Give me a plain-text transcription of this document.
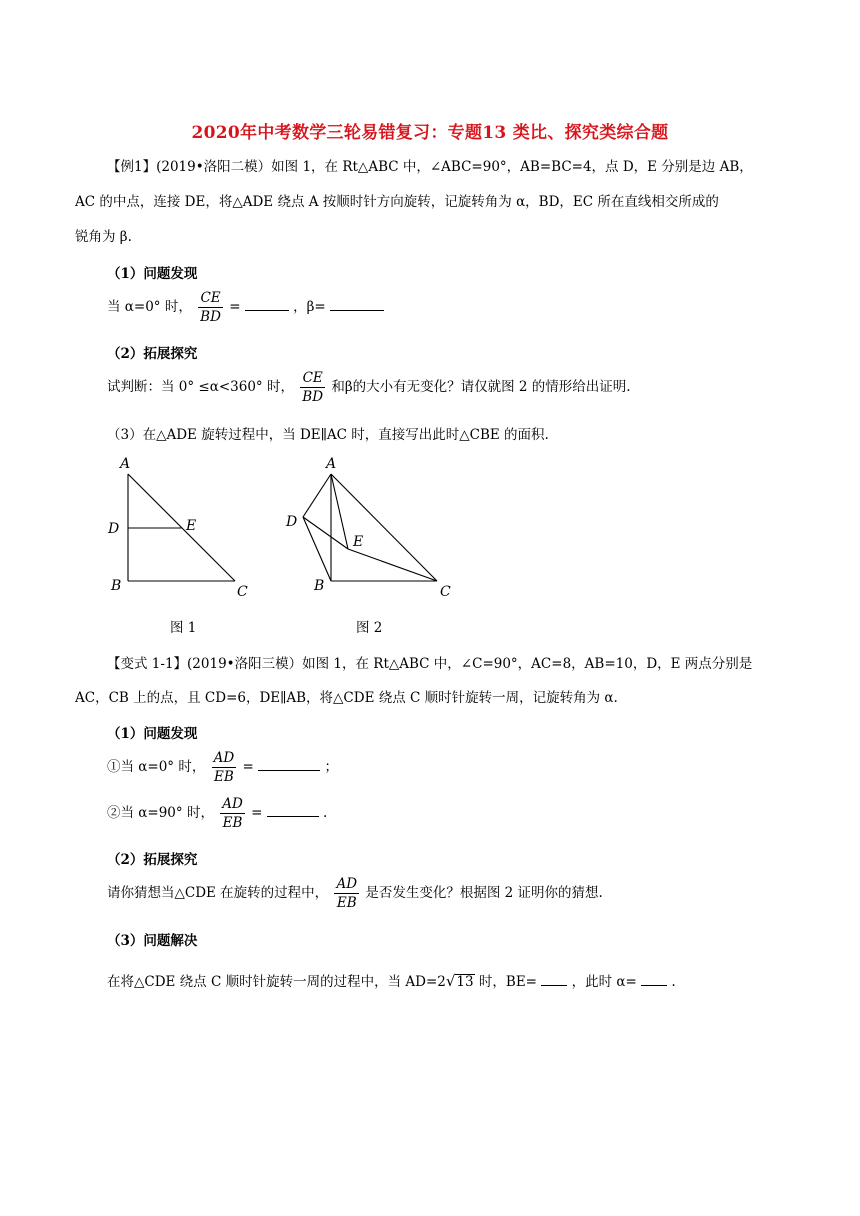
2020年中考数学三轮易错复习：专题13 类比、探究类综合题
【例1】(2019•洛阳二模）如图 1，在 Rt△ABC 中，∠ABC=90°，AB=BC=4，点 D，E 分别是边 AB，
AC 的中点，连接 DE，将△ADE 绕点 A 按顺时针方向旋转，记旋转角为 α，BD，EC 所在直线相交所成的
锐角为 β.
（1）问题发现
当 α=0° 时， $\frac{CE}{BD}$ =	，β=
（2）拓展探究
试判断：当 0° ≤α<360° 时， $\frac{CE}{BD}$ 和β的大小有无变化？请仅就图 2 的情形给出证明.
（3）在△ADE 旋转过程中，当 DE∥AC 时，直接写出此时△CBE 的面积.
A
D	E
B	C
A
D
E
B	C
图 1	图 2
【变式 1-1】(2019•洛阳三模）如图 1，在 Rt△ABC 中，∠C=90°，AC=8，AB=10，D，E 两点分别是
AC，CB 上的点，且 CD=6，DE∥AB，将△CDE 绕点 C 顺时针旋转一周，记旋转角为 α.
（1）问题发现
①当 α=0° 时， $\frac{AD}{EB}$ =	；
②当 α=90° 时， $\frac{AD}{EB}$ =	.
（2）拓展探究
请你猜想当△CDE 在旋转的过程中， $\frac{AD}{EB}$ 是否发生变化？根据图 2 证明你的猜想.
（3）问题解决
在将△CDE 绕点 C 顺时针旋转一周的过程中，当 AD=2√13 时，BE=	，此时 α=	.
